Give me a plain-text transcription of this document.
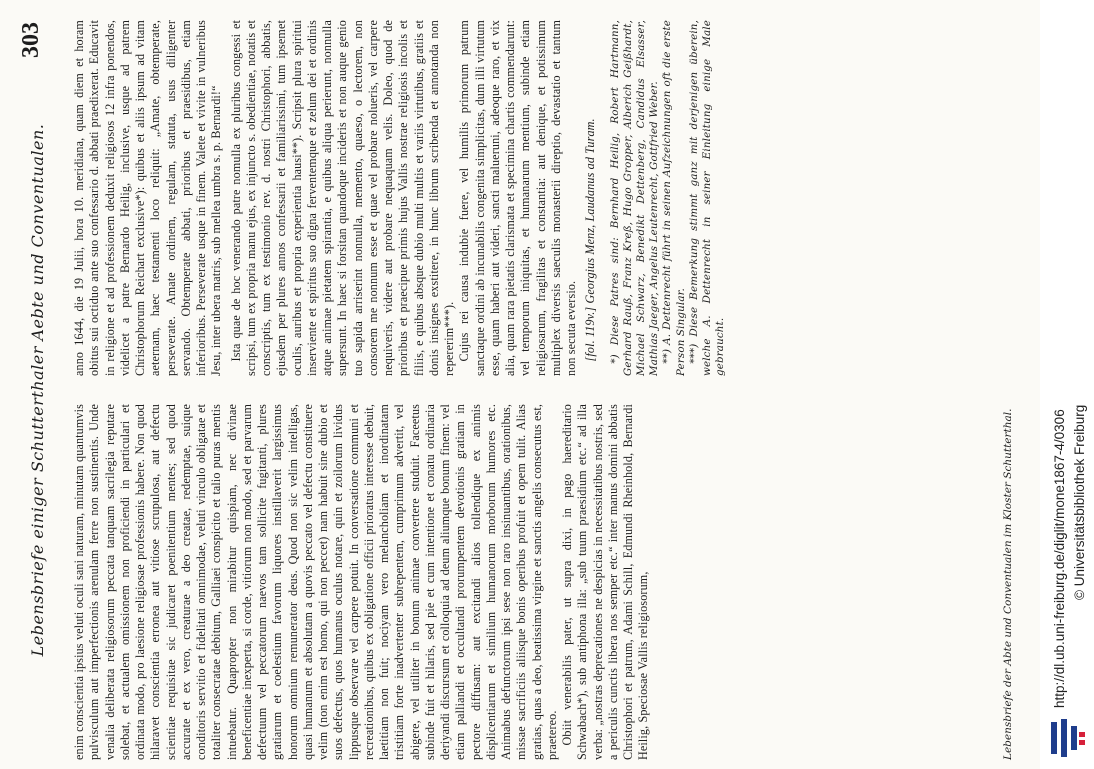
Lebensbriefe einiger Schutterthaler Aebte und Conventualen.
303

enim conscientia ipsius veluti oculi sani naturam, minutam quantumvis pulvisculum aut imperfectionis arenulam ferre non sustinentis. Unde venalia deliberata religiosorum peccata tanquam sacrilegia reputare solebat, et actualem omissionem non proficiendi in particulari et ordinata modo, pro laesione religiosae professionis habere. Non quod hilaravet conscientia erronea aut vitiose scrupulosa, aut defectu scientiae requisitae sic judicaret poenitentium mentes; sed quod accurate et ex vero, creaturae a deo creatae, redemptae, suique conditoris servitio et fidelitati omnimodae, veluti vinculo obligatae et totaliter consecratae debitum, Galliaei conspicito et talio puras mentis intuebatur. Quapropter non mirabitur quispiam, nec divinae beneficentiae inexperta, si corde, vitiorum non modo, sed et parvarum defectuum vel peccatorum naevos tam sollicite fugitanti, plures gratiarum et coelestium favorum liquores instillaverit largissimus honorum omnium remunerator deus. Quod non sic velim intelligas, quasi humanum et absolutam a quovis peccato vel defectu constituere velim (non enim est homo, qui non peccet) nam habuit sine dubio et suos defectus, quos humanus oculus notare, quin et zoilorum lividus lippusque observare vel carpere potuit. In conversatione communi et recreationibus, quibus ex obligatione officii prioratus interesse debuit, laetitiam non fuit; nociyam vero melancholiam et inordinatam tristitiam forte inadvertenter subrepentem, cumprimum advertit, vel abigere, vel utiliter in bonum animae convertere studuit. Faceetus subinde fuit et hilaris, sed pie et cum intentione et conatu ordinaria deriyandi discursum et colloquia ad deum aliumque bonum finem: vel etiam palliandi et occultandi prorumpentem devotionis gratiam in pectore diffusam: aut excitandi alios tollendique ex animis displicentiarum et similium humanorum morborum humores etc. Animabus defunctorum ipsi sese non raro insinuantibus, orationibus, missae sacrificiis aliisque bonis operibus profuit et opem tulit. Alias gratias, quas a deo, beatissima virgine et sanctis angelis consecutus est, praetereo. Obiit venerabilis pater, ut supra dixi, in pago haereditario Schwabach*), sub antiphona illa: „sub tuum praesidium etc.“ ad illa verba: „nostras deprecationes ne despicias in necessitatibus nostris, sed a periculis cunctis libera nos semper etc.“ inter manus domini abbatis Christophori et patrum, Adami Schill, Edmundi Rheinhold, Bernardi Heilig, Speciosae Vallis religiosorum,	Lebensbriefe der Abte und Conventualen im Kloster Schutterthal.

anno 1644, die 19 Julii, hora 10. meridiana, quam diem et horam obitus sui octiduo ante suo confessario d. abbati praedixerat. Educavit in religione et ad professionem deduxit religiosos 12 infra ponendos, videlicet a patre Bernardo Heilig, inclusive, usque ad patrem Christophorum Reichart exclusive*): quibus et aliis ipsum ad vitam aeternam, haec testamenti loco reliquit: „Amate, obtemperate, perseverate. Amate ordinem, regulam, statuta, usus diligenter servando. Obtemperate abbati, prioribus et praesidibus, etiam inferioribus. Perseverate usque in finem. Valete et vivite in vulneribus Jesu, inter ubera matris, sub mellea umbra s. p. Bernardi!“ Ista quae de hoc venerando patre nomulla ex pluribus congessi et scripsi, tum ex propria manu ejus, ex injuncto s. obedientiae, notatis et conscriptis, tum ex testimonio rev. d. nostri Christophori, abbatis, ejusdem per plures annos confessarii et familiarissimi, tum ipsemet oculis, auribus et propria experientia hausi**). Scripsit plura spiritui inserviente et spiritus suo digna ferventemque et zelum dei et ordinis atque animae pietatem spirantia, e quibus aliqua perierunt, nonnulla supersunt. In haec si forsitan quandoque incideris et non auque genio tuo sapida arriserint nonnulla, memento, quaeso, o lectorem, non consorem me nonnum esse et quae vel probare nolueris, vel carpere nequiveris, videre aut probare nequaquam velis. Doleo, quod de prioribus et praecipue primis hujus Vallis nostrae religiosis incolis et filiis, e quibus absque dubio multi multis et variis virtutibus, gratiis et donis insignes exstitere, in hunc librum scribenda et annotanda non repererim***). Cujus rei causa indubie fuere, vel humilis primorum patrum sanctaque ordini ab incunabilis congenita simplicitas, dum illi virtutum esse, quam haberi aut videri, sancti malueruni, adeoque raro, et vix alia, quam rara pietatis clarismata et specimina chartis commendarunt: vel temporum iniquitas, et humanarum mentium, subinde etiam religiosarum, fragilitas et constantia: aut denique, et potissimum multiplex diversis saeculis monasterii direptio, devastatio et tantum non secuta eversio. [fol. 119v.] Georgius Menz, Laudanus ad Turam. *) Diese Patres sind: Bernhard Heilig, Robert Hartmann, Gerhard Rauß, Franz Kreß, Hugo Gropper, Alberich Geißhardt, Michael Schwarz, Benedikt Dettenberg, Candidus Elsasser, Mathias Jaeger, Angelus Leutenrecht, Gottfried Weber. **) A. Dettenrecht führt in seinen Aufzeichnungen oft die erste Person Singular. ***) Diese Bemerkung stimmt ganz mit derjenigen überein, welche A. Dettenrecht in seiner Einleitung einige Male gebraucht.

http://dl.ub.uni-freiburg.de/diglit/mone1867-4/0306 © Universitätsbibliothek Freiburg
